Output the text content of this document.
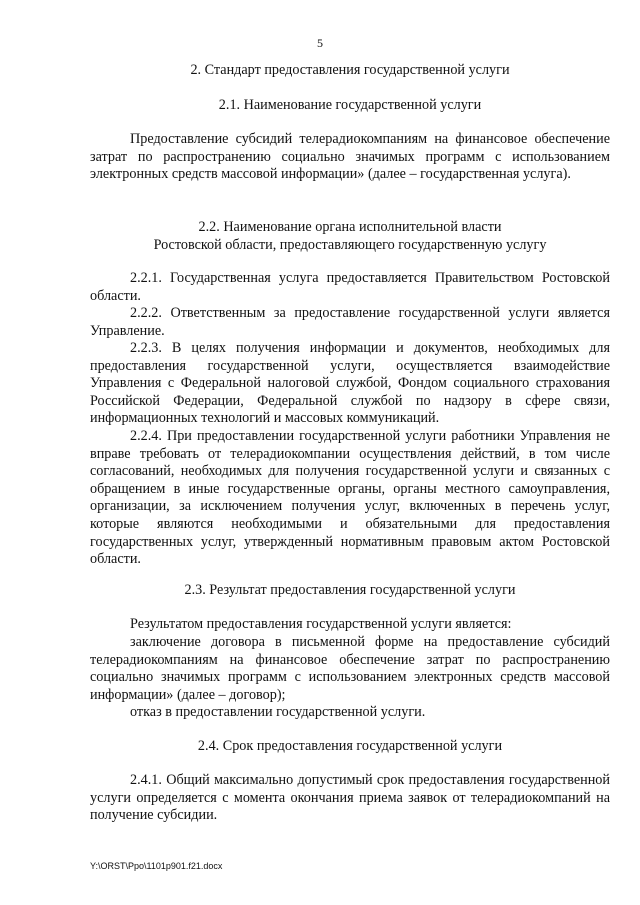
5
2. Стандарт предоставления государственной услуги
2.1. Наименование государственной услуги
Предоставление субсидий телерадиокомпаниям на финансовое обеспечение затрат по распространению социально значимых программ с использованием электронных средств массовой информации» (далее – государственная услуга).
2.2. Наименование органа исполнительной власти
Ростовской области, предоставляющего государственную услугу
2.2.1. Государственная услуга предоставляется Правительством Ростовской области.
2.2.2. Ответственным за предоставление государственной услуги является Управление.
2.2.3. В целях получения информации и документов, необходимых для предоставления государственной услуги, осуществляется взаимодействие Управления с Федеральной налоговой службой, Фондом социального страхования Российской Федерации, Федеральной службой по надзору в сфере связи, информационных технологий и массовых коммуникаций.
2.2.4. При предоставлении государственной услуги работники Управления не вправе требовать от телерадиокомпании осуществления действий, в том числе согласований, необходимых для получения государственной услуги и связанных с обращением в иные государственные органы, органы местного самоуправления, организации, за исключением получения услуг, включенных в перечень услуг, которые являются необходимыми и обязательными для предоставления государственных услуг, утвержденный нормативным правовым актом Ростовской области.
2.3. Результат предоставления государственной услуги
Результатом предоставления государственной услуги является:
заключение договора в письменной форме на предоставление субсидий телерадиокомпаниям на финансовое обеспечение затрат по распространению социально значимых программ с использованием электронных средств массовой информации» (далее – договор);
отказ в предоставлении государственной услуги.
2.4. Срок предоставления государственной услуги
2.4.1. Общий максимально допустимый срок предоставления государственной услуги определяется с момента окончания приема заявок от телерадиокомпаний на получение субсидии.
Y:\ORST\Ppo\1101p901.f21.docx
